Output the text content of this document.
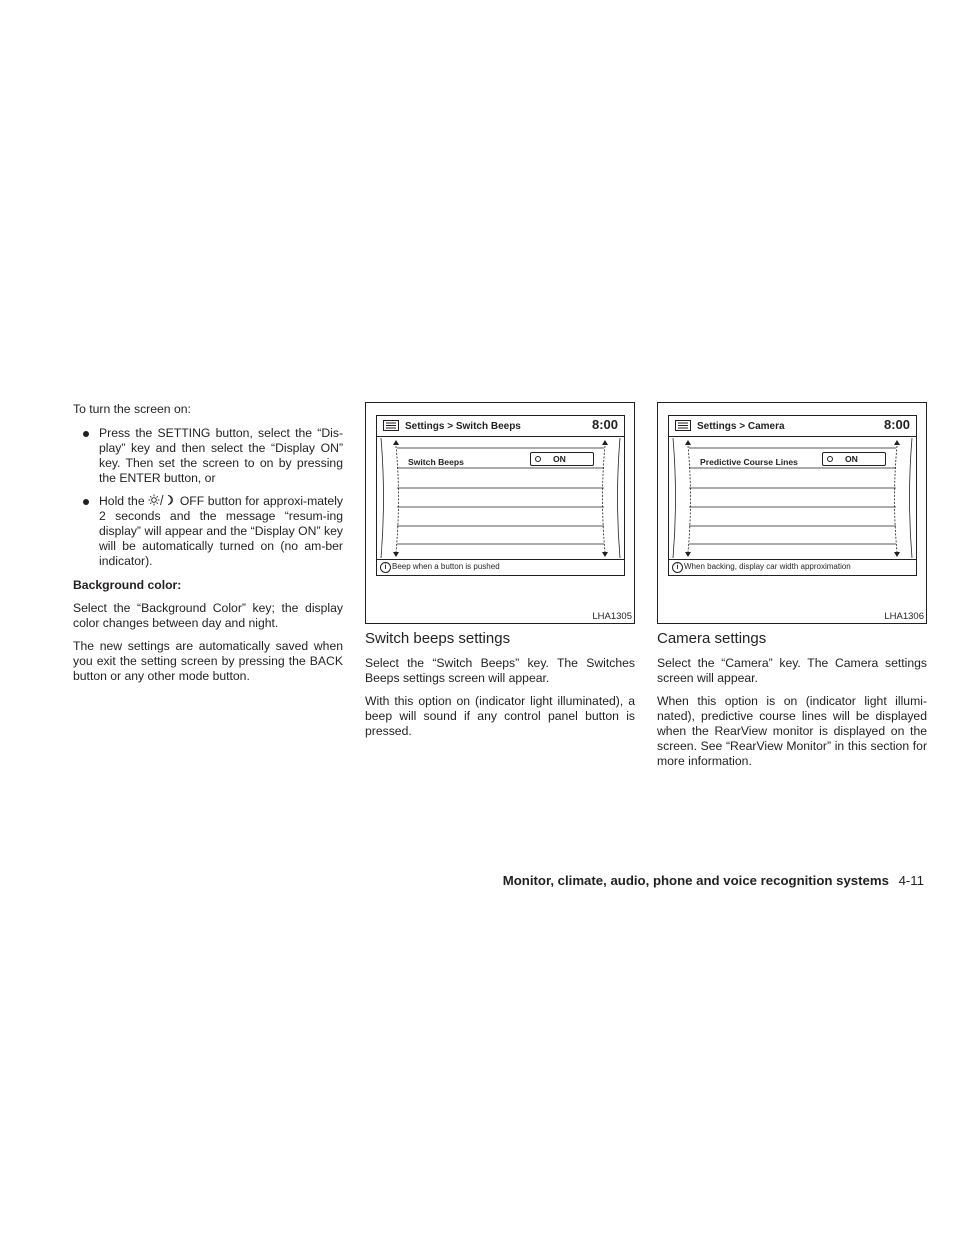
To turn the screen on:

Press the SETTING button, select the “Dis-play” key and then select the “Display ON” key. Then set the screen to on by pressing the ENTER button, or
Hold the	OFF button for approxi-mately 2 seconds and the message “resum-ing display” will appear and the “Display ON” key will be automatically turned on (no am-ber indicator).

Background color:

Select the “Background Color” key; the display color changes between day and night.

The new settings are automatically saved when you exit the setting screen by pressing the BACK button or any other mode button.

Settings > Switch Beeps	8:00
Switch Beeps	ON
i Beep when a button is pushed
LHA1305

Switch beeps settings

Select the “Switch Beeps” key. The Switches Beeps settings screen will appear.

With this option on (indicator light illuminated), a beep will sound if any control panel button is pressed.

Settings > Camera	8:00
Predictive Course Lines	ON
i When backing, display car width approximation
LHA1306

Camera settings

Select the “Camera” key. The Camera settings screen will appear.

When this option is on (indicator light illumi-nated), predictive course lines will be displayed when the RearView monitor is displayed on the screen. See “RearView Monitor” in this section for more information.

Monitor, climate, audio, phone and voice recognition systems 4-11
